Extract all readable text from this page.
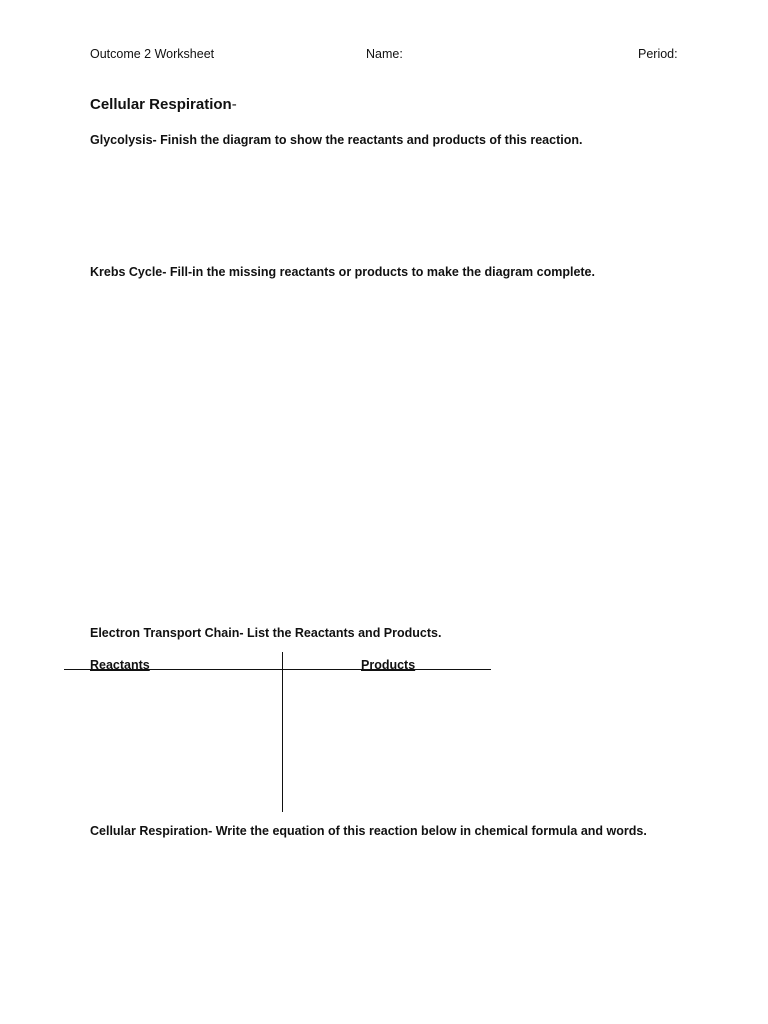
Outcome 2 Worksheet	Name:	Period:
Cellular Respiration-
Glycolysis- Finish the diagram to show the reactants and products of this reaction.
Krebs Cycle- Fill-in the missing reactants or products to make the diagram complete.
Electron Transport Chain- List the Reactants and Products.
Reactants	Products
Cellular Respiration- Write the equation of this reaction below in chemical formula and words.
